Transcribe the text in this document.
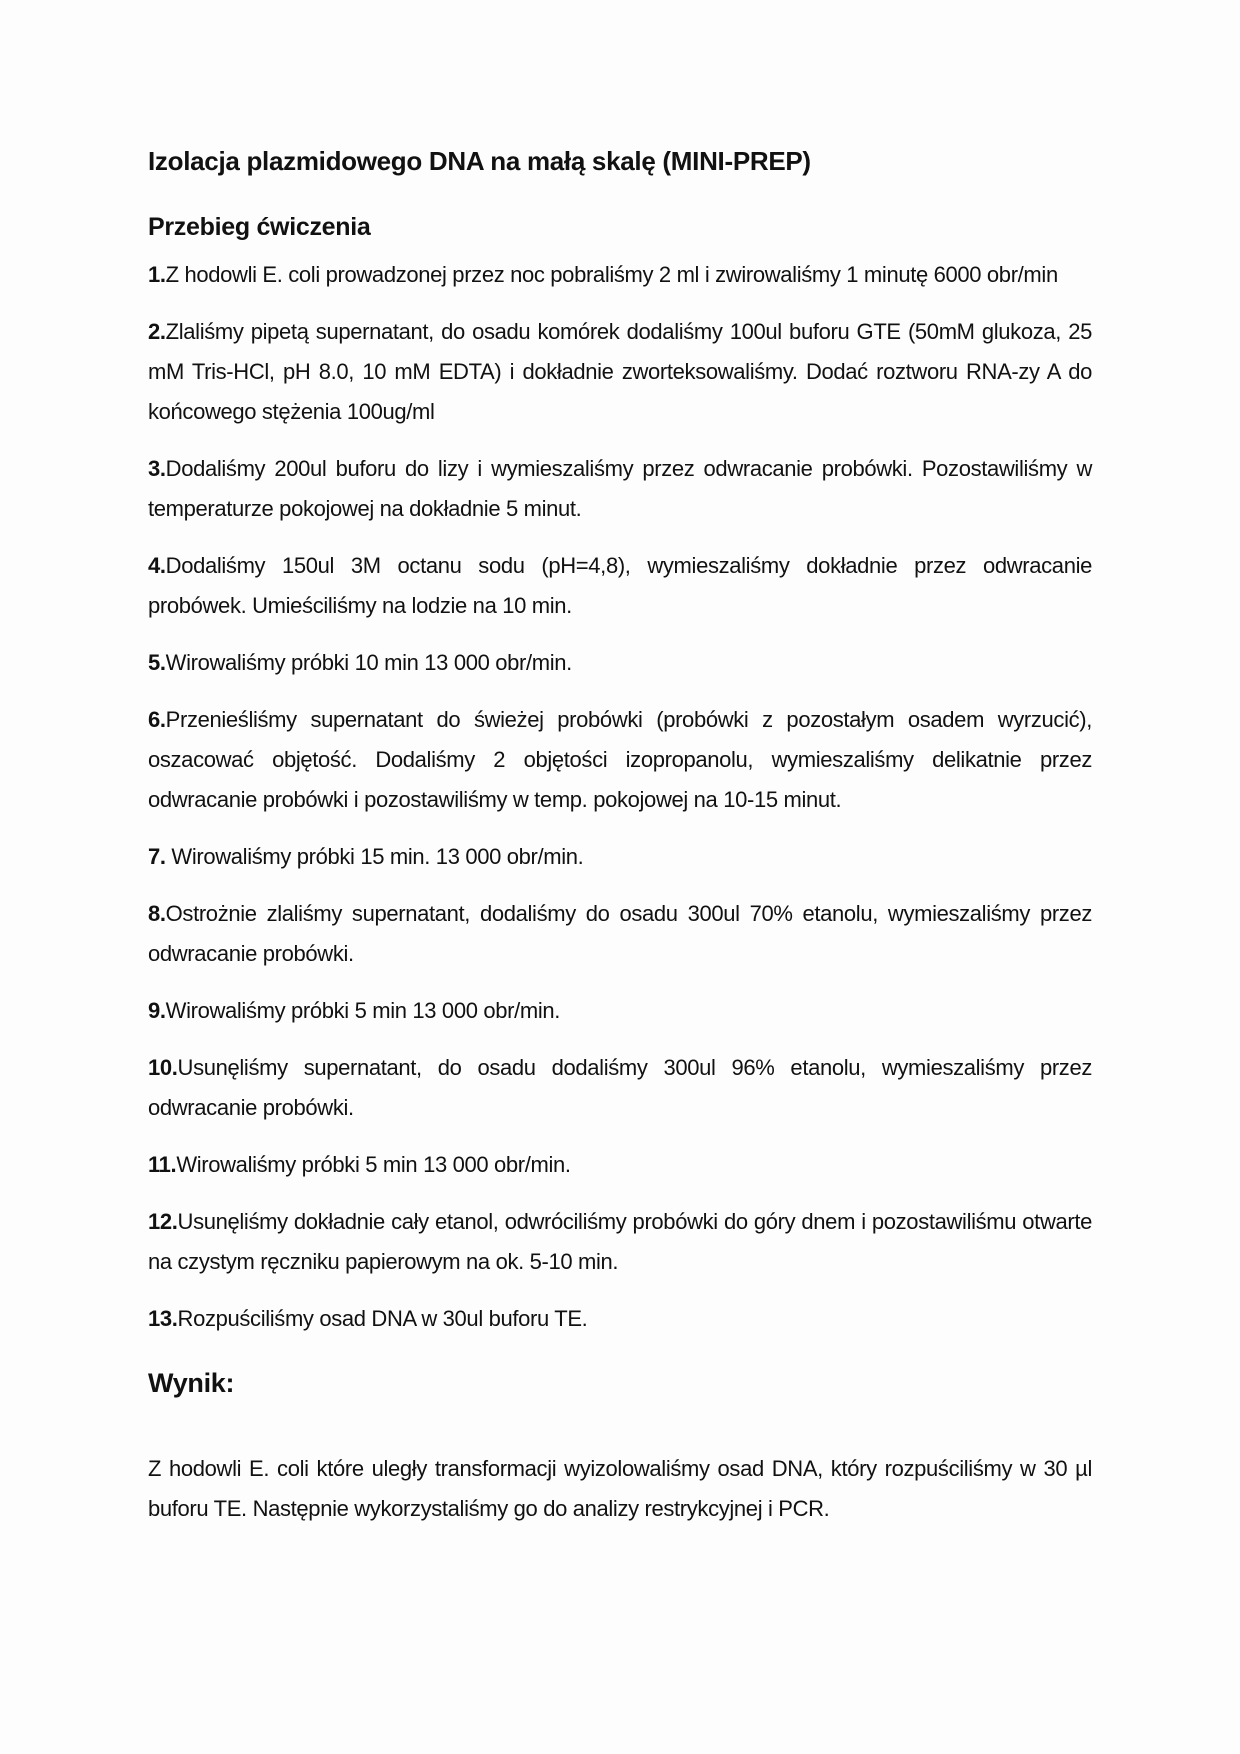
Izolacja plazmidowego DNA na małą skalę (MINI-PREP)
Przebieg ćwiczenia

1.Z hodowli E. coli prowadzonej przez noc pobraliśmy 2 ml i zwirowaliśmy 1 minutę 6000 obr/min

2.Zlaliśmy pipetą supernatant, do osadu komórek dodaliśmy 100ul buforu GTE (50mM glukoza, 25 mM Tris-HCl, pH 8.0, 10 mM EDTA) i dokładnie zworteksowaliśmy. Dodać roztworu RNA-zy A do końcowego stężenia 100ug/ml

3.Dodaliśmy 200ul buforu do lizy i wymieszaliśmy przez odwracanie probówki. Pozostawiliśmy w temperaturze pokojowej na dokładnie 5 minut.

4.Dodaliśmy 150ul 3M octanu sodu (pH=4,8), wymieszaliśmy dokładnie przez odwracanie probówek. Umieściliśmy na lodzie na 10 min.

5.Wirowaliśmy próbki 10 min 13 000 obr/min.

6.Przenieśliśmy supernatant do świeżej probówki (probówki z pozostałym osadem wyrzucić), oszacować objętość. Dodaliśmy 2 objętości izopropanolu, wymieszaliśmy delikatnie przez odwracanie probówki i pozostawiliśmy w temp. pokojowej na 10-15 minut.

7. Wirowaliśmy próbki 15 min. 13 000 obr/min.

8.Ostrożnie zlaliśmy supernatant, dodaliśmy do osadu 300ul 70% etanolu, wymieszaliśmy przez odwracanie probówki.

9.Wirowaliśmy próbki 5 min 13 000 obr/min.

10.Usunęliśmy supernatant, do osadu dodaliśmy 300ul 96% etanolu, wymieszaliśmy przez odwracanie probówki.

11.Wirowaliśmy próbki 5 min 13 000 obr/min.

12.Usunęliśmy dokładnie cały etanol, odwróciliśmy probówki do góry dnem i pozostawiliśmu otwarte na czystym ręczniku papierowym na ok. 5-10 min.

13.Rozpuściliśmy osad DNA w 30ul buforu TE.

Wynik:

Z hodowli E. coli które uległy transformacji wyizolowaliśmy osad DNA, który rozpuściliśmy w 30 µl buforu TE. Następnie wykorzystaliśmy go do analizy restrykcyjnej i PCR.
